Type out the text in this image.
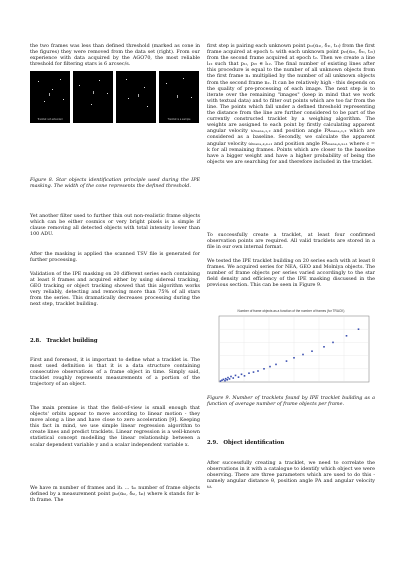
the two frames was less than defined threshold (marked as cone in the figures) they were removed from the data set (right). From our experience with data acquired by the AGO70, the most reliable threshold for filtering stars is 6 arcsec/s.

Tracklet not extended	Tracklet is a sample

Figure 8. Star objects identification principle used during the IPE masking. The width of the cone represents the defined threshold.

Yet another filter used to further thin out non-realistic frame objects which can be either cosmics or very bright pixels is a simple if clause removing all detected objects with total intensity lower than 100 ADU.

After the masking is applied the scanned TSV file is generated for further processing.

Validation of the IPE masking on 20 different series each containing at least 8 frames and acquired either by using sidereal tracking, GEO tracking or object tracking showed that this algorithm works very reliably, detecting and removing more than 75% of all stars from the series. This dramatically decreases processing during the next step, tracklet building.

2.8. Tracklet building

First and foremost, it is important to define what a tracklet is. The most used definition is that it is a data structure containing consecutive observations of a frame object in time. Simply said, tracklet roughly represents measurements of a portion of the trajectory of an object.

The main premise is that the field-of-view is small enough that objects' orbits appear to move according to linear motion - they move along a line and have close to zero acceleration [9]. Keeping this fact in mind, we use simple linear regression algorithm to create lines and predict tracklets. Linear regression is a well-known statistical concept modelling the linear relationship between a scalar dependent variable y and a scalar independent variable x.

We have m number of frames and it₁ … tₘ number of frame objects defined by a measurement point pₖₗ(αₖₗ, δₖₗ, tₖₗ) where k stands for k-th frame. The

first step is pairing each unknown point p₁ₗ(α₁ₗ, δ₁ₗ, t₁ₗ) from the first frame acquired at epoch t₁ with each unknown point p₂ₗ(α₂ₗ, δ₂ₗ, t₂ₗ) from the second frame acquired at epoch t₂. Then we create a line l₁₂ such that p₁ₗ, p₂ₗ ∈ l₁₂. The final number of existing lines after this procedure is equal to the number of all unknown objects from the first frame n₁ multiplied by the number of all unknown objects from the second frame n₂. It can be relatively high - this depends on the quality of pre-processing of each image. The next step is to iterate over the remaining "images" (keep in mind that we work with textual data) and to filter out points which are too far from the line. The points which fall under a defined threshold representing the distance from the line are further considered to be part of the currently constructed tracklet by a weighing algorithm. The weights are assigned to each point by firstly calculating apparent angular velocity ωₘₐₙₐ,₁,₂ and position angle PAₘₐₙₐ,₁,₂ which are considered as a baseline. Secondly, we calculate the apparent angular velocity ωₘₐₙₐ,ₖ,ₖ₊₁ and position angle PAₘₐₙₐ,ₖ,ₖ₊₁ where c = k for all remaining frames. Points which are closer to the baseline have a bigger weight and have a higher probability of being the objects we are searching for and therefore included in the tracklet.

To successfully create a tracklet, at least four confirmed observation points are required. All valid tracklets are stored in a file in our own internal format.

We tested the IPE tracklet building on 20 series each with at least 8 frames. We acquired series for NEA, GEO and Molniya objects. The number of frame objects per series varied accordingly to the star field density and efficiency of the IPE masking discussed in the previous section. This can be seen in Figure 9.

Number of frame objects as a function of the number of frames (for TRACK)

Figure 9. Number of tracklets found by IPE tracklet building as a function of average number of frame objects per frame.

2.9. Object identification

After successfully creating a tracklet, we need to correlate the observations in it with a catalogue to identify which object we were observing. There are three parameters which are used to do this - namely angular distance θ, position angle PA and angular velocity ω.
